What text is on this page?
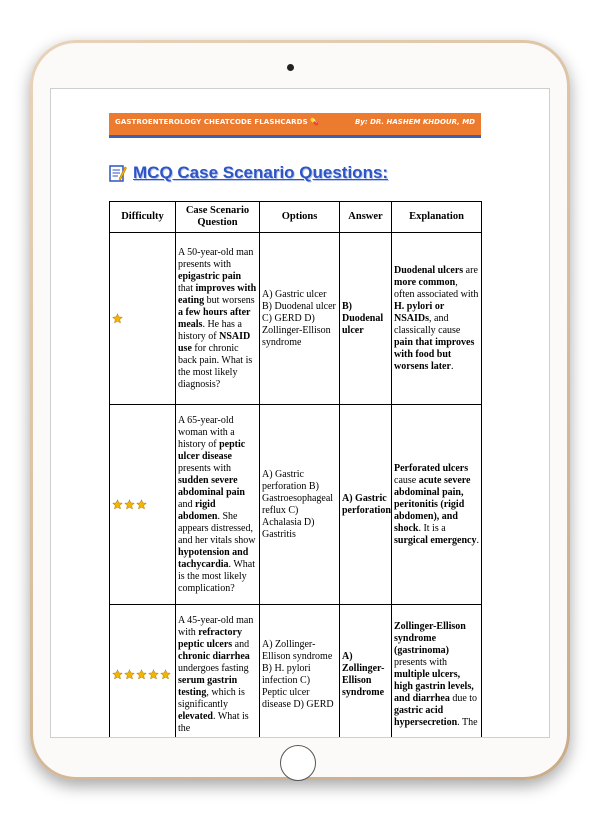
GASTROENTEROLOGY CHEATCODE FLASHCARDS 💊	By: DR. HASHEM KHDOUR, MD
MCQ Case Scenario Questions:
Difficulty	Case Scenario Question	Options	Answer	Explanation

A 50-year-old man presents with epigastric pain that improves with eating but worsens a few hours after meals. He has a history of NSAID use for chronic back pain. What is the most likely diagnosis?	A) Gastric ulcer B) Duodenal ulcer C) GERD D) Zollinger-Ellison syndrome	B) Duodenal ulcer	Duodenal ulcers are more common, often associated with H. pylori or NSAIDs, and classically cause pain that improves with food but worsens later.

A 65-year-old woman with a history of peptic ulcer disease presents with sudden severe abdominal pain and rigid abdomen. She appears distressed, and her vitals show hypotension and tachycardia. What is the most likely complication?	A) Gastric perforation B) Gastroesophageal reflux C) Achalasia D) Gastritis	A) Gastric perforation	Perforated ulcers cause acute severe abdominal pain, peritonitis (rigid abdomen), and shock. It is a surgical emergency.

A 45-year-old man with refractory peptic ulcers and chronic diarrhea undergoes fasting serum gastrin testing, which is significantly elevated. What is the	A) Zollinger-Ellison syndrome B) H. pylori infection C) Peptic ulcer disease D) GERD	A) Zollinger-Ellison syndrome	Zollinger-Ellison syndrome (gastrinoma) presents with multiple ulcers, high gastrin levels, and diarrhea due to gastric acid hypersecretion. The
